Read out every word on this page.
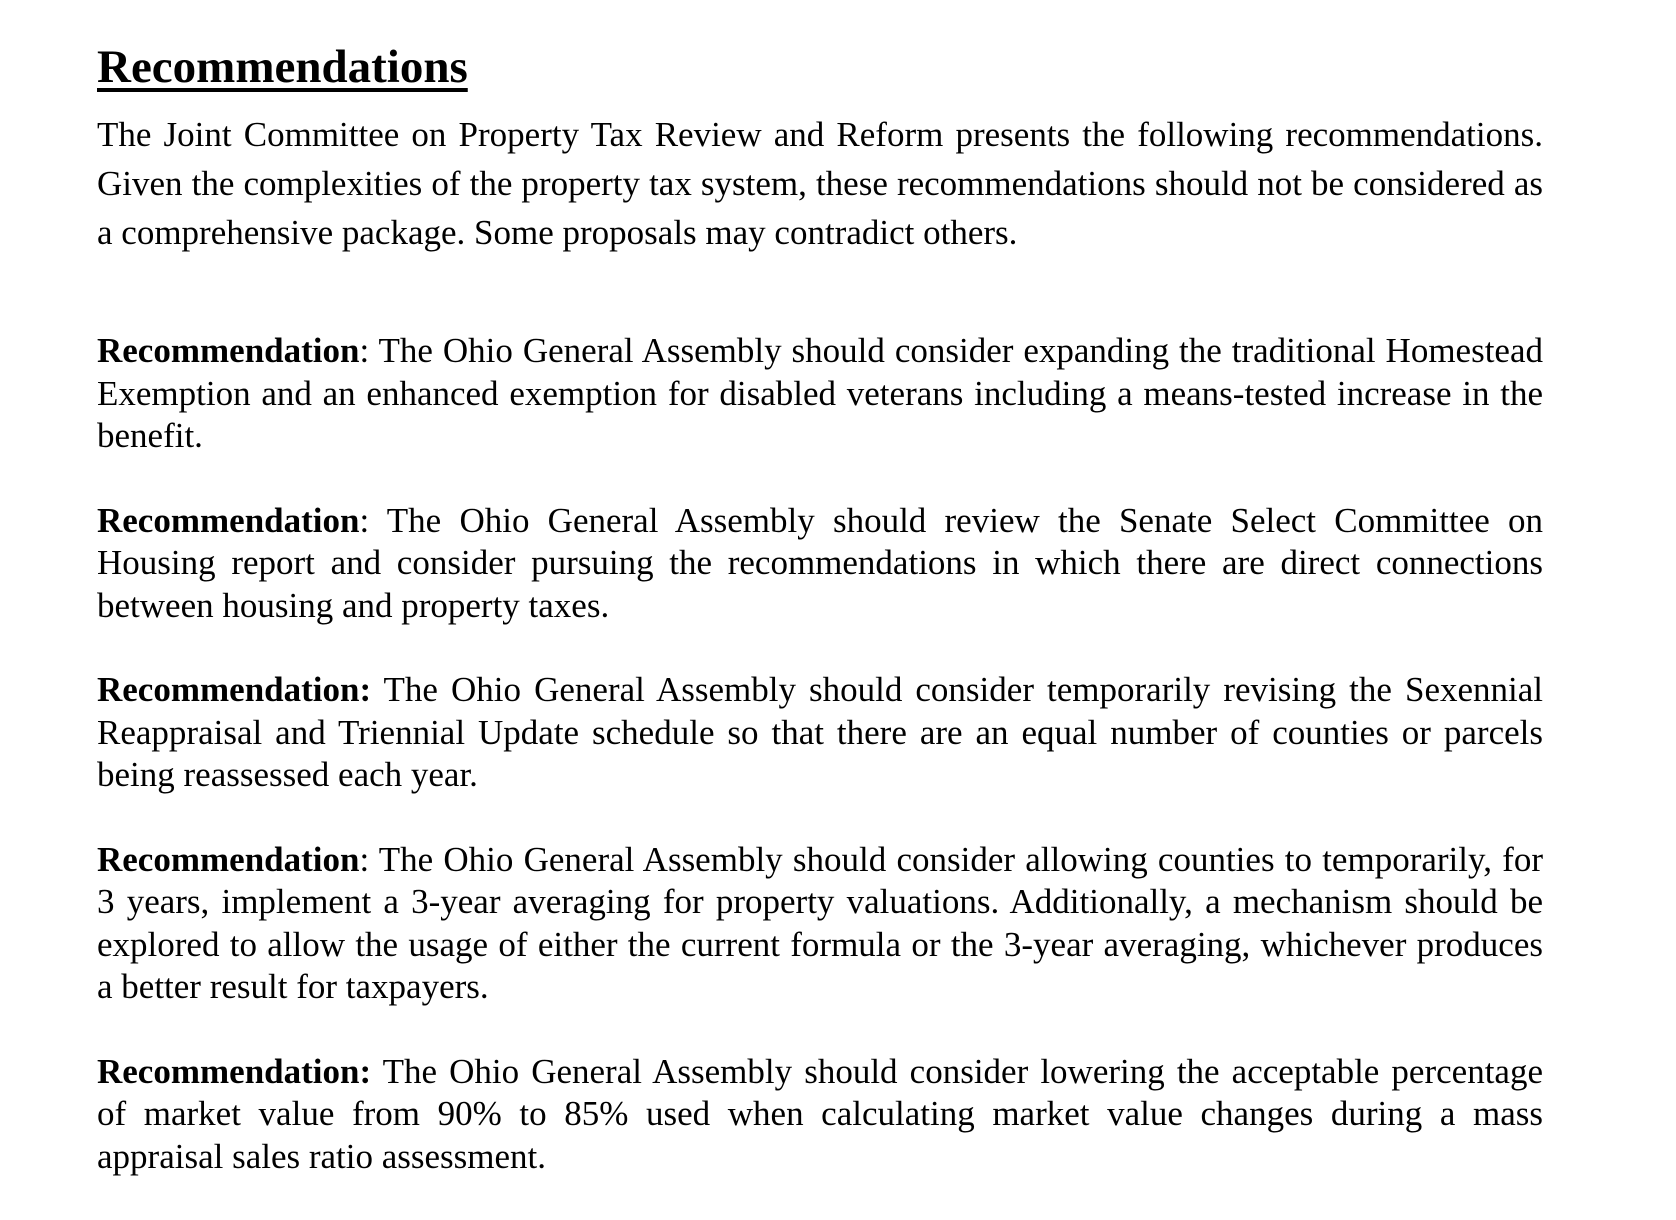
Recommendations

The Joint Committee on Property Tax Review and Reform presents the following recommendations. Given the complexities of the property tax system, these recommendations should not be considered as a comprehensive package. Some proposals may contradict others.

Recommendation: The Ohio General Assembly should consider expanding the traditional Homestead Exemption and an enhanced exemption for disabled veterans including a means-tested increase in the benefit.

Recommendation: The Ohio General Assembly should review the Senate Select Committee on Housing report and consider pursuing the recommendations in which there are direct connections between housing and property taxes.

Recommendation: The Ohio General Assembly should consider temporarily revising the Sexennial Reappraisal and Triennial Update schedule so that there are an equal number of counties or parcels being reassessed each year.

Recommendation: The Ohio General Assembly should consider allowing counties to temporarily, for 3 years, implement a 3-year averaging for property valuations. Additionally, a mechanism should be explored to allow the usage of either the current formula or the 3-year averaging, whichever produces a better result for taxpayers.

Recommendation: The Ohio General Assembly should consider lowering the acceptable percentage of market value from 90% to 85% used when calculating market value changes during a mass appraisal sales ratio assessment.
